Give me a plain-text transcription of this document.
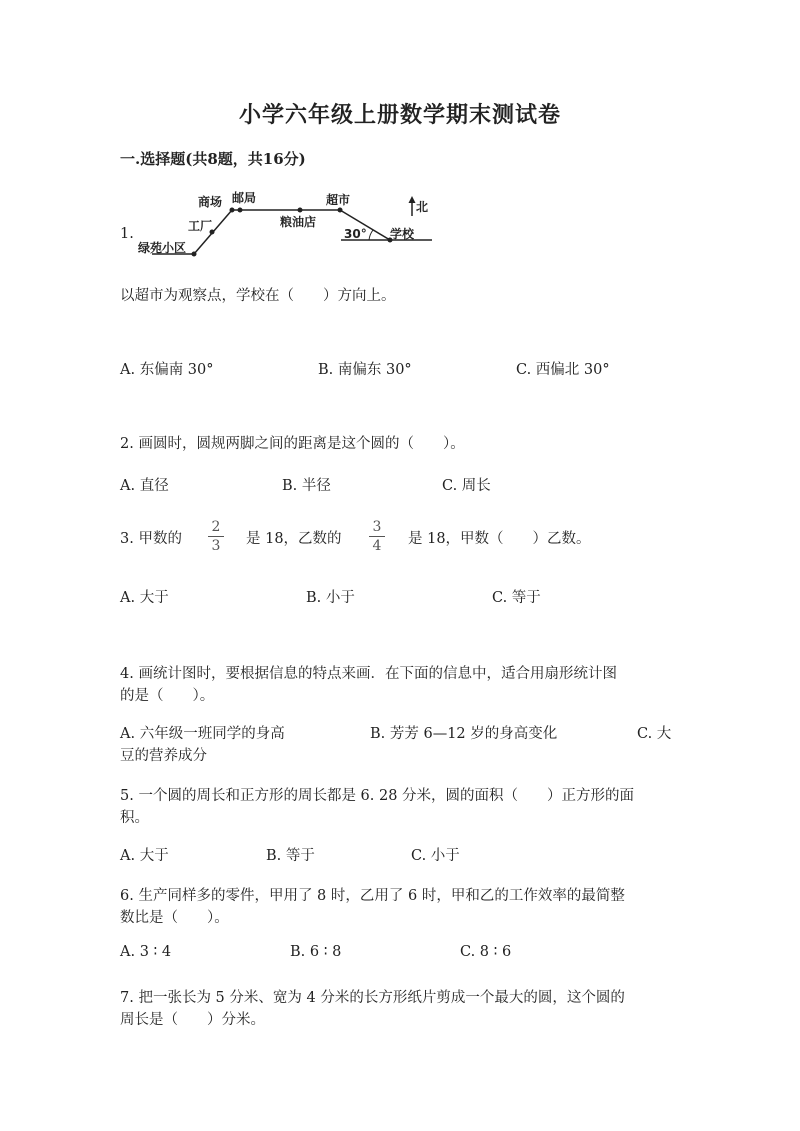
小学六年级上册数学期末测试卷
一.选择题(共8题，共16分)
1.
商场 邮局	超市
工厂	粮油店
绿苑小区
学校
30°
北
以超市为观察点，学校在（　　）方向上。
A. 东偏南 30°	B. 南偏东 30°	C. 西偏北 30°
2. 画圆时，圆规两脚之间的距离是这个圆的（　　）。
A. 直径	B. 半径	C. 周长
3. 甲数的
2
3 是 18，乙数的
3
4 是 18，甲数（　　）乙数。
A. 大于	B. 小于	C. 等于
4. 画统计图时，要根据信息的特点来画．在下面的信息中，适合用扇形统计图
的是（　　）。
A. 六年级一班同学的身高	B. 芳芳 6—12 岁的身高变化	C. 大
豆的营养成分
5. 一个圆的周长和正方形的周长都是 6. 28 分米，圆的面积（　　）正方形的面
积。
A. 大于	B. 等于	C. 小于
6. 生产同样多的零件，甲用了 8 时，乙用了 6 时，甲和乙的工作效率的最简整
数比是（　　）。
A. 3 ∶ 4	B. 6 ∶ 8	C. 8 ∶ 6
7. 把一张长为 5 分米、宽为 4 分米的长方形纸片剪成一个最大的圆，这个圆的
周长是（　　）分米。
